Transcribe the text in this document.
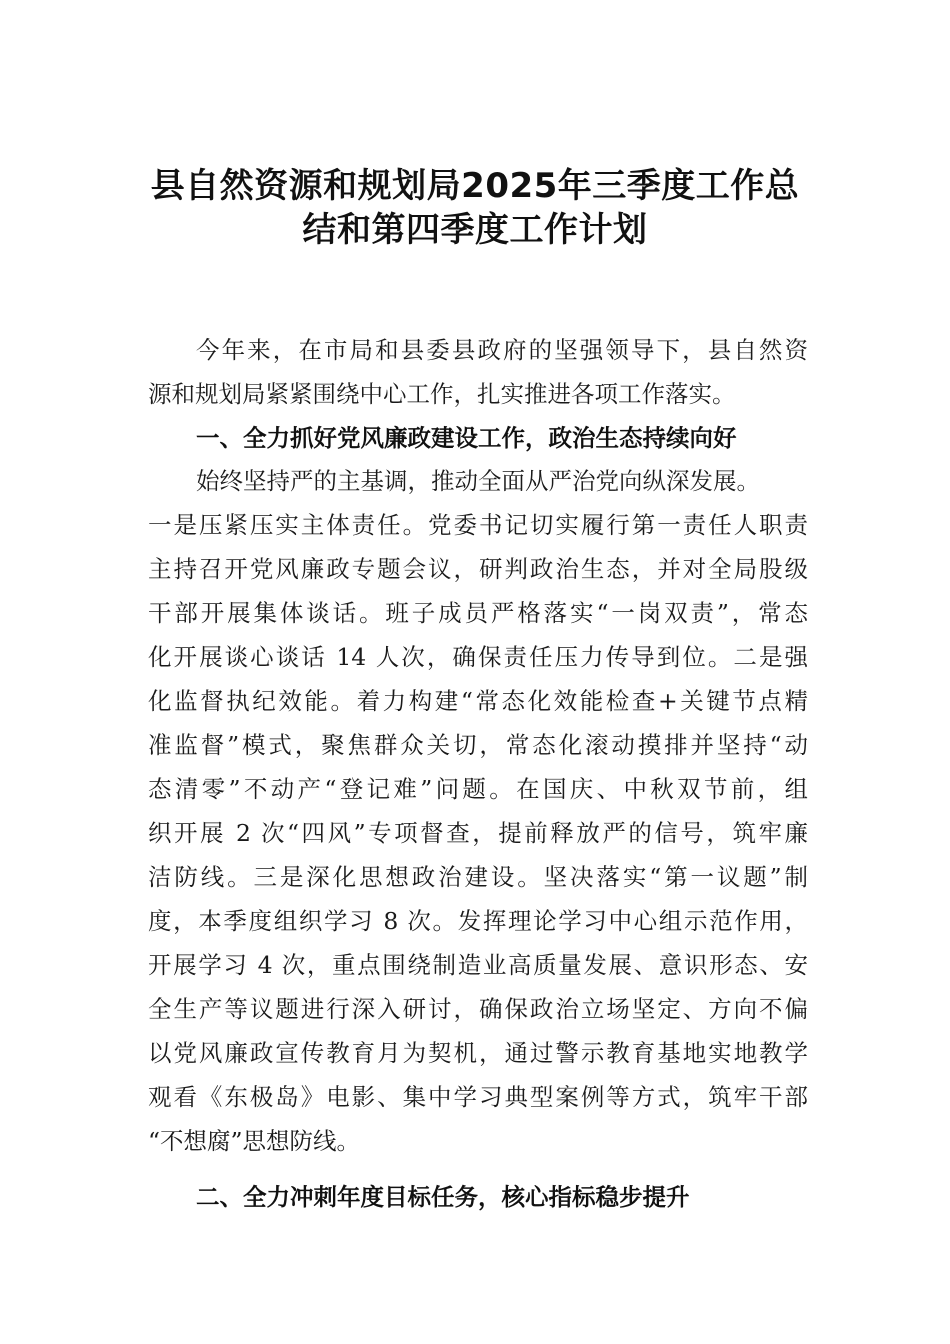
县自然资源和规划局2025年三季度工作总
结和第四季度工作计划
今年来，在市局和县委县政府的坚强领导下，县自然资
源和规划局紧紧围绕中心工作，扎实推进各项工作落实。
一、全力抓好党风廉政建设工作，政治生态持续向好
始终坚持严的主基调，推动全面从严治党向纵深发展。
一是压紧压实主体责任。党委书记切实履行第一责任人职责
主持召开党风廉政专题会议，研判政治生态，并对全局股级
干部开展集体谈话。班子成员严格落实“一岗双责”，常态
化开展谈心谈话 14 人次，确保责任压力传导到位。二是强
化监督执纪效能。着力构建“常态化效能检查+关键节点精
准监督”模式，聚焦群众关切，常态化滚动摸排并坚持“动
态清零”不动产“登记难”问题。在国庆、中秋双节前，组
织开展 2 次“四风”专项督查，提前释放严的信号，筑牢廉
洁防线。三是深化思想政治建设。坚决落实“第一议题”制
度，本季度组织学习 8 次。发挥理论学习中心组示范作用，
开展学习 4 次，重点围绕制造业高质量发展、意识形态、安
全生产等议题进行深入研讨，确保政治立场坚定、方向不偏
以党风廉政宣传教育月为契机，通过警示教育基地实地教学
观看《东极岛》电影、集中学习典型案例等方式，筑牢干部
“不想腐”思想防线。
二、全力冲刺年度目标任务，核心指标稳步提升
